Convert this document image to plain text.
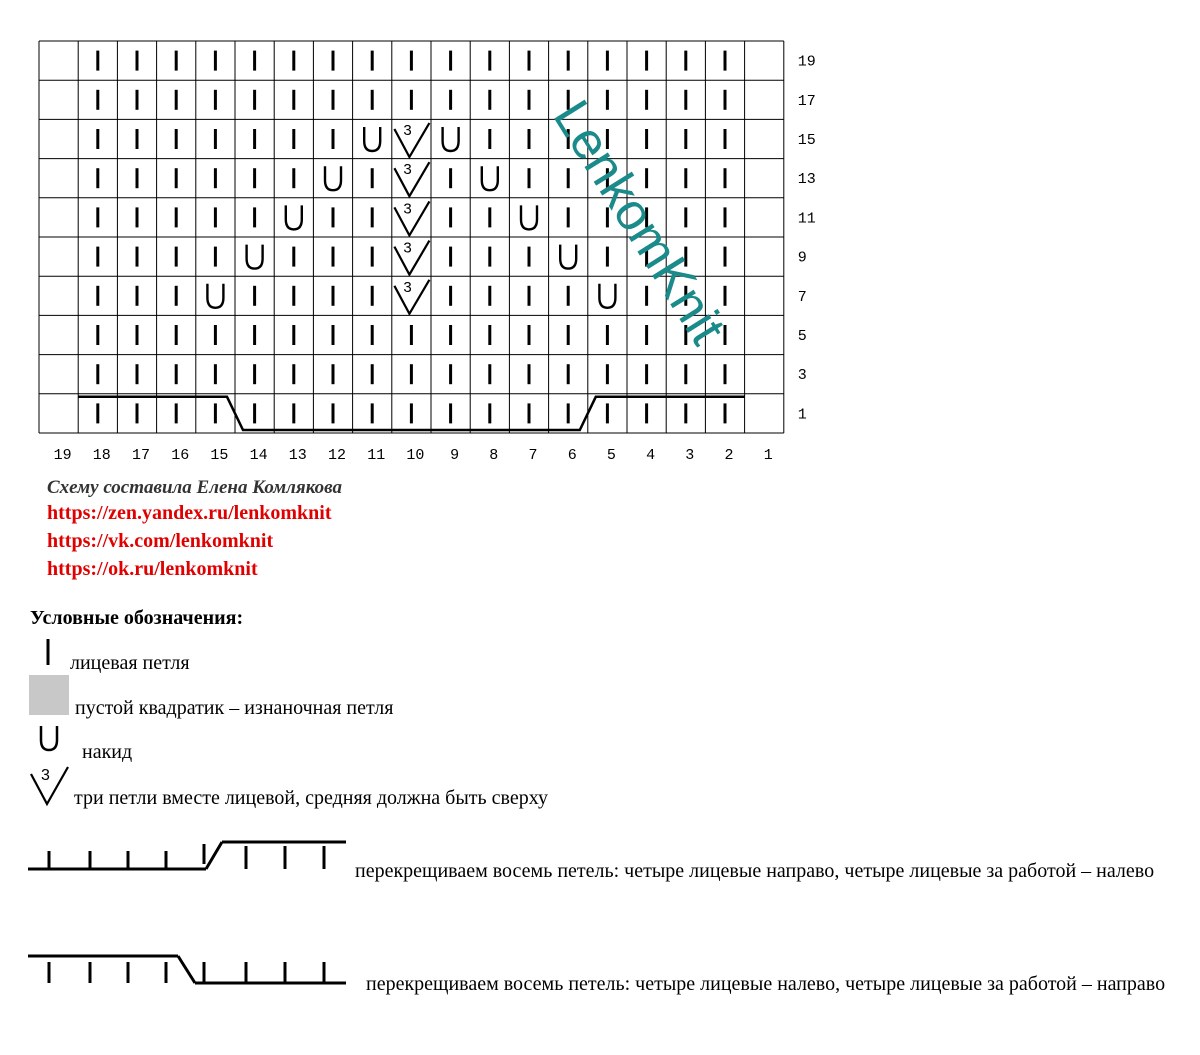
3
3
3
3
3
19
17
15
13
11
9
7
5
3
1
19 18 17 16 15 14 13 12 11 10 9 8 7 6 5 4 3 2 1
LenkomKnit
Схему составила Елена Комлякова
https://zen.yandex.ru/lenkomknit
https://vk.com/lenkomknit
https://ok.ru/lenkomknit
Условные обозначения:
лицевая петля
пустой квадратик – изнаночная петля
накид
3
три петли вместе лицевой, средняя должна быть сверху
перекрещиваем восемь петель: четыре лицевые направо, четыре лицевые за работой – налево
перекрещиваем восемь петель: четыре лицевые налево, четыре лицевые за работой – направо
